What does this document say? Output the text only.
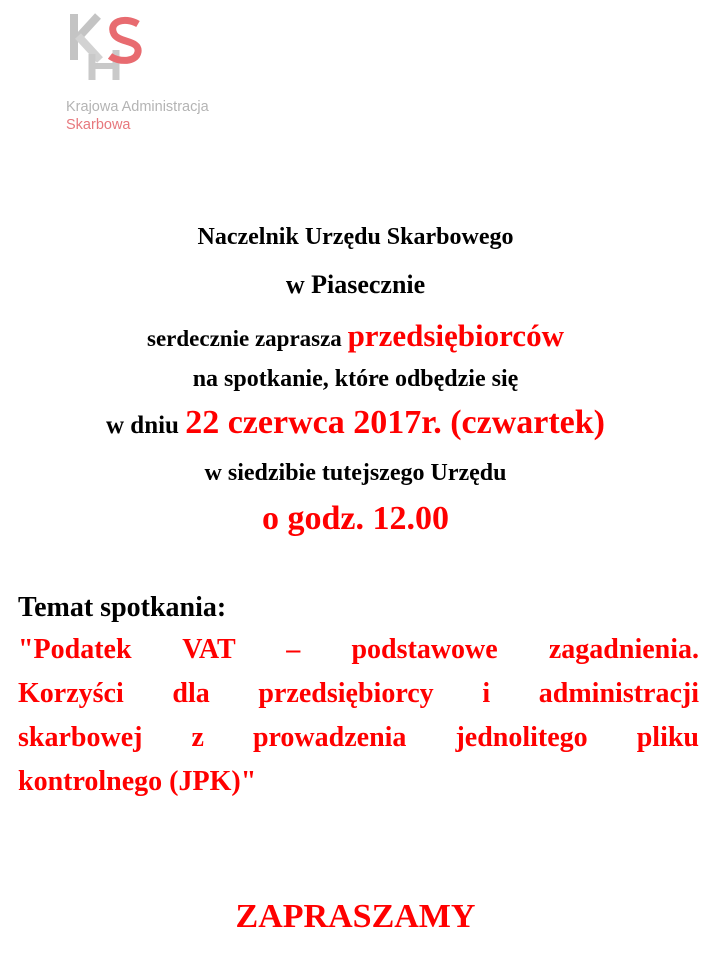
Krajowa Administracja
Skarbowa
Naczelnik Urzędu Skarbowego
w Piasecznie
serdecznie zaprasza przedsiębiorców
na spotkanie, które odbędzie się
w dniu 22 czerwca 2017r. (czwartek)
w siedzibie tutejszego Urzędu
o godz. 12.00
Temat spotkania:
"Podatek VAT – podstawowe zagadnienia.
Korzyści dla przedsiębiorcy i administracji
skarbowej z prowadzenia jednolitego pliku
kontrolnego (JPK)"
ZAPRASZAMY
